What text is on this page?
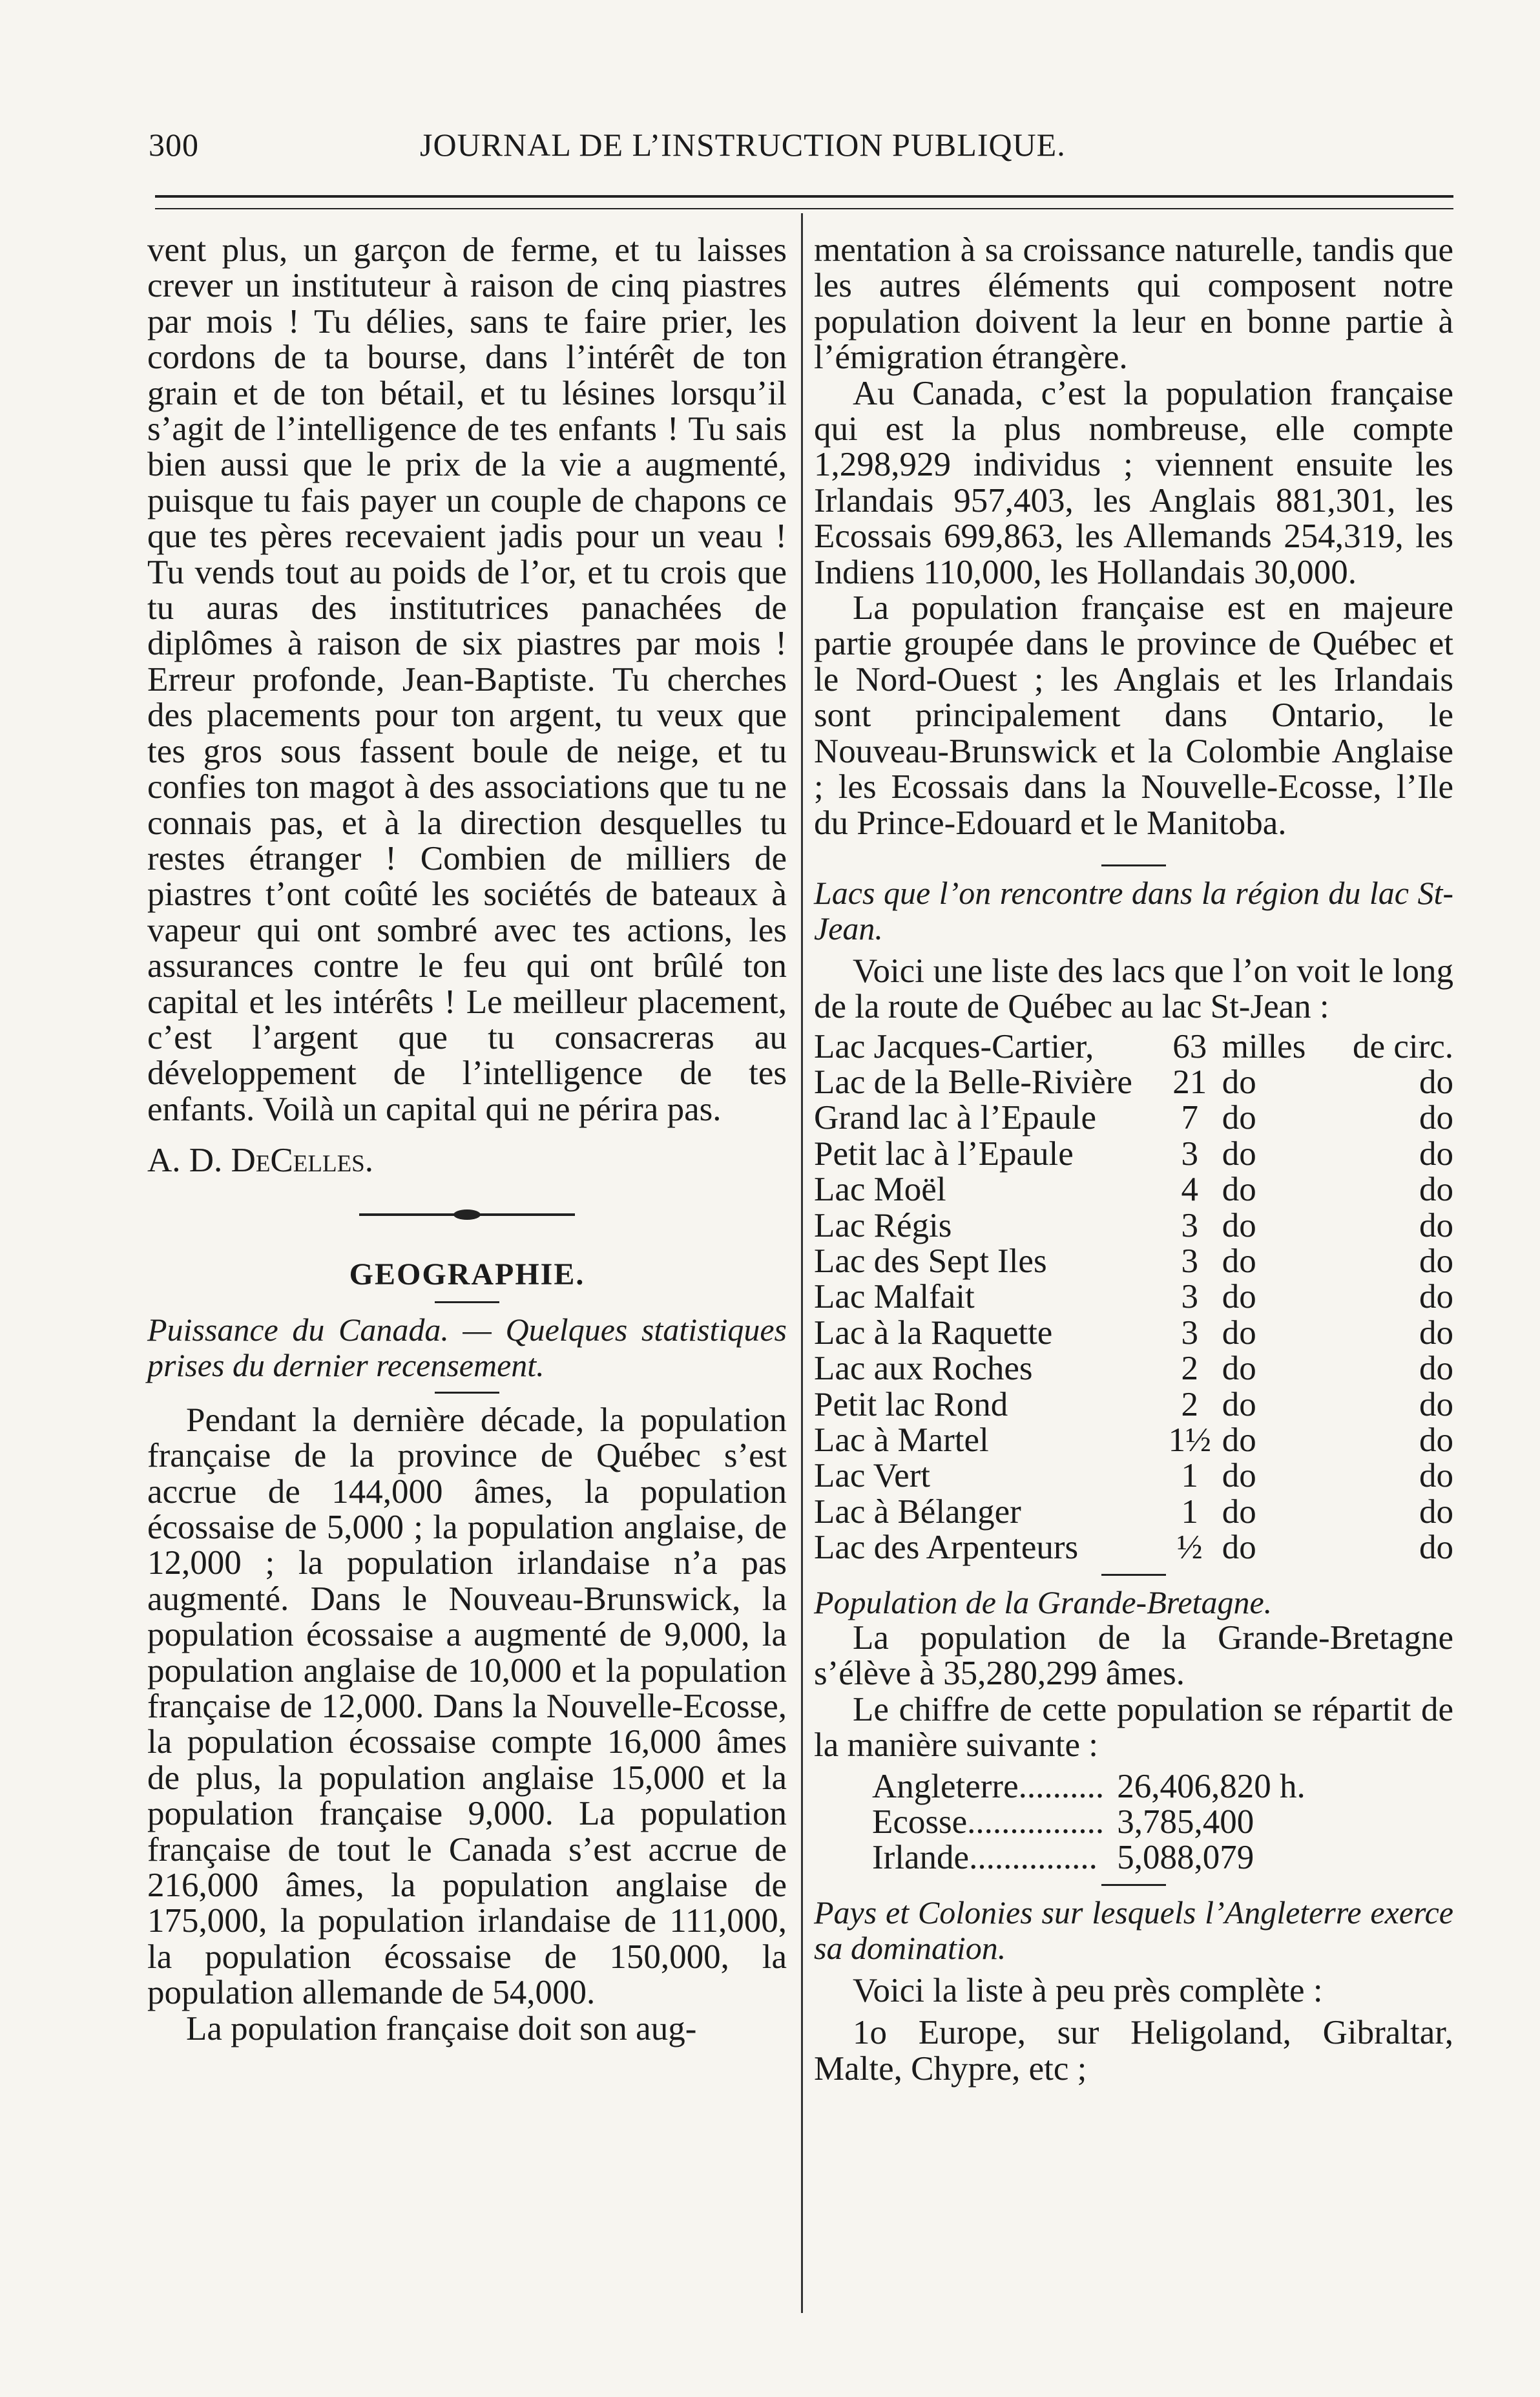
300	JOURNAL DE L’INSTRUCTION PUBLIQUE.

vent plus, un garçon de ferme, et tu laisses crever un instituteur à raison de cinq piastres par mois ! Tu délies, sans te faire prier, les cordons de ta bourse, dans l’intérêt de ton grain et de ton bétail, et tu lésines lorsqu’il s’agit de l’intelligence de tes enfants ! Tu sais bien aussi que le prix de la vie a augmenté, puisque tu fais payer un couple de chapons ce que tes pères recevaient jadis pour un veau ! Tu vends tout au poids de l’or, et tu crois que tu auras des institutrices panachées de diplômes à raison de six piastres par mois ! Erreur profonde, Jean-Baptiste. Tu cherches des placements pour ton argent, tu veux que tes gros sous fassent boule de neige, et tu confies ton magot à des associations que tu ne connais pas, et à la direction desquelles tu restes étranger ! Combien de milliers de piastres t’ont coûté les sociétés de bateaux à vapeur qui ont sombré avec tes actions, les assurances contre le feu qui ont brûlé ton capital et les intérêts ! Le meilleur placement, c’est l’argent que tu consacreras au développement de l’intelligence de tes enfants. Voilà un capital qui ne périra pas.

A. D. DeCelles.

GEOGRAPHIE.

Puissance du Canada. — Quelques statistiques prises du dernier recensement.

Pendant la dernière décade, la population française de la province de Québec s’est accrue de 144,000 âmes, la population écossaise de 5,000 ; la population anglaise, de 12,000 ; la population irlandaise n’a pas augmenté. Dans le Nouveau-Brunswick, la population écossaise a augmenté de 9,000, la population anglaise de 10,000 et la population française de 12,000. Dans la Nouvelle-Ecosse, la population écossaise compte 16,000 âmes de plus, la population anglaise 15,000 et la population française 9,000. La population française de tout le Canada s’est accrue de 216,000 âmes, la population anglaise de 175,000, la population irlandaise de 111,000, la population écossaise de 150,000, la population allemande de 54,000.

La population française doit son aug-

mentation à sa croissance naturelle, tandis que les autres éléments qui composent notre population doivent la leur en bonne partie à l’émigration étrangère.

Au Canada, c’est la population française qui est la plus nombreuse, elle compte 1,298,929 individus ; viennent ensuite les Irlandais 957,403, les Anglais 881,301, les Ecossais 699,863, les Allemands 254,319, les Indiens 110,000, les Hollandais 30,000.

La population française est en majeure partie groupée dans le province de Québec et le Nord-Ouest ; les Anglais et les Irlandais sont principalement dans Ontario, le Nouveau-Brunswick et la Colombie Anglaise ; les Ecossais dans la Nouvelle-Ecosse, l’Ile du Prince-Edouard et le Manitoba.

Lacs que l’on rencontre dans la région du lac St-Jean.

Voici une liste des lacs que l’on voit le long de la route de Québec au lac St-Jean :

Lac Jacques-Cartier,	63	milles	de circ.
Lac de la Belle-Rivière	21	do	do
Grand lac à l’Epaule	7	do	do
Petit lac à l’Epaule	3	do	do
Lac Moël	4	do	do
Lac Régis	3	do	do
Lac des Sept Iles	3	do	do
Lac Malfait	3	do	do
Lac à la Raquette	3	do	do
Lac aux Roches	2	do	do
Petit lac Rond	2	do	do
Lac à Martel	1½	do	do
Lac Vert	1	do	do
Lac à Bélanger	1	do	do
Lac des Arpenteurs	½	do	do

Population de la Grande-Bretagne.

La population de la Grande-Bretagne s’élève à 35,280,299 âmes.

Le chiffre de cette population se répartit de la manière suivante :

Angleterre..........	26,406,820 h.
Ecosse................	3,785,400
Irlande...............	5,088,079

Pays et Colonies sur lesquels l’Angleterre exerce sa domination.

Voici la liste à peu près complète :

1o Europe, sur Heligoland, Gibraltar, Malte, Chypre, etc ;
